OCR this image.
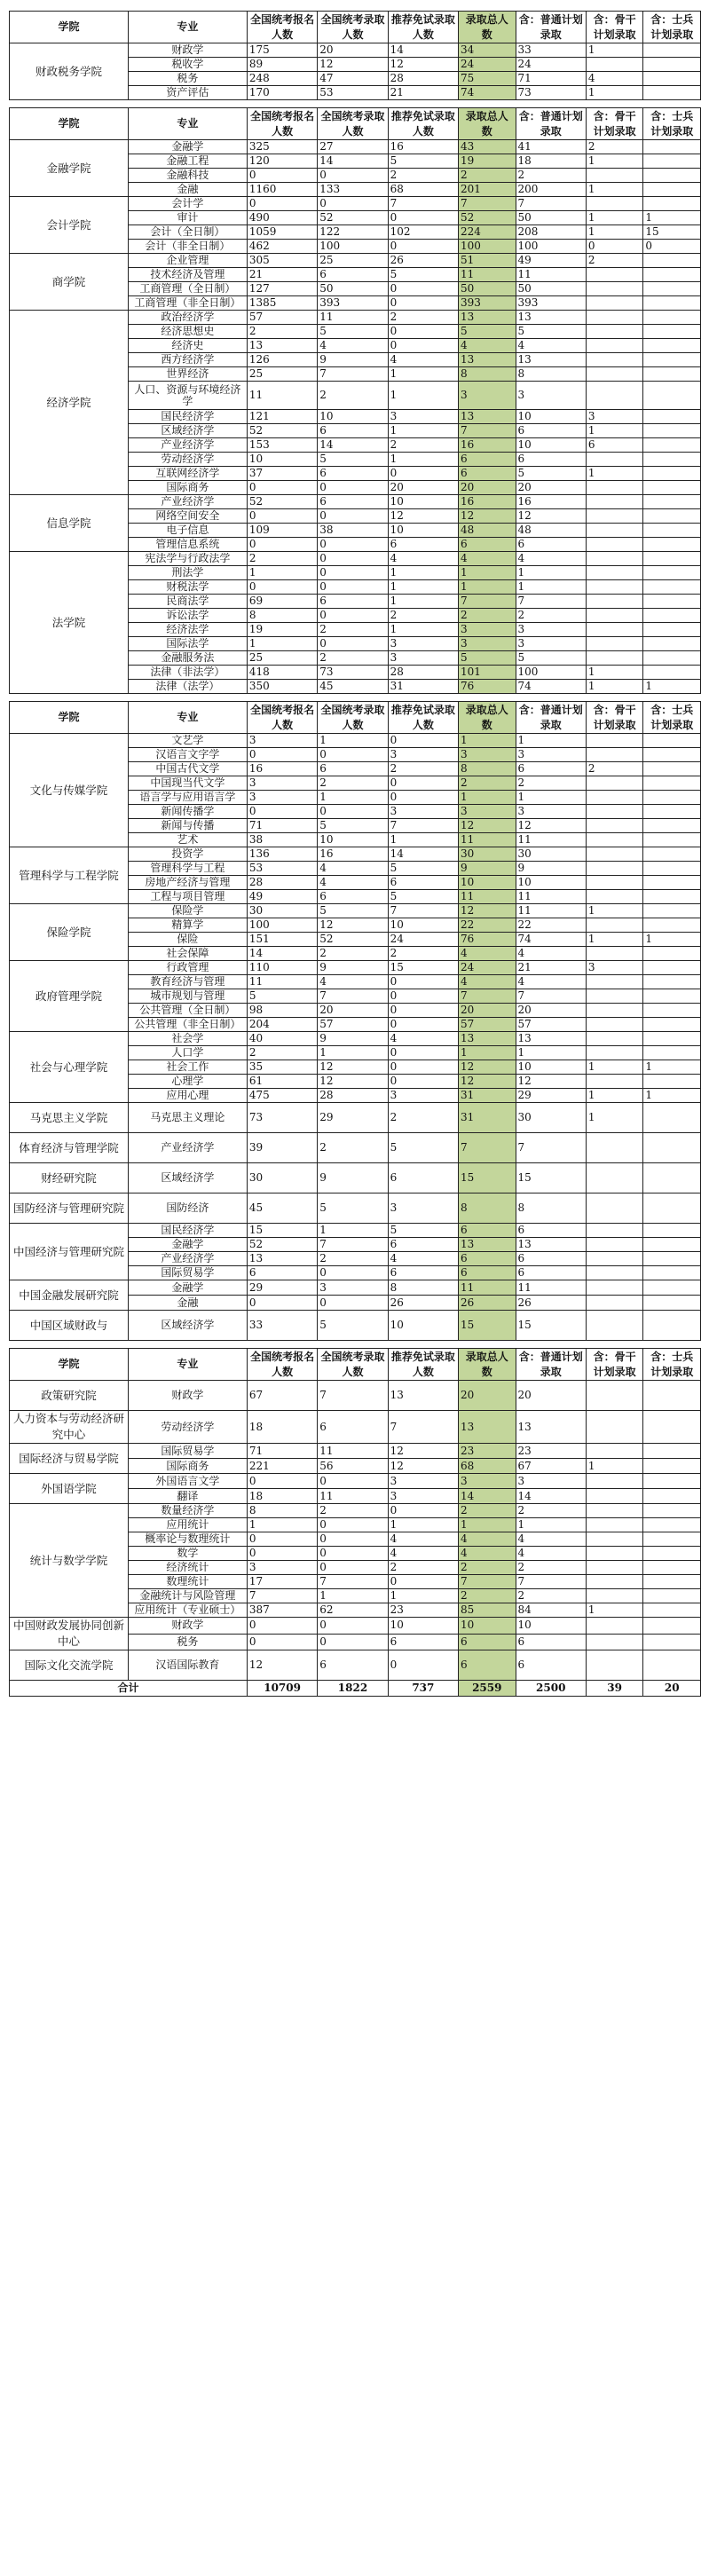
学院	专业	全国统考报名人数	全国统考录取人数	推荐免试录取人数	录取总人数	含：普通计划录取	含：骨干计划录取	含：士兵计划录取
财政税务学院	财政学	175	20	14	34	33	1	
	税收学	89	12	12	24	24		
	税务	248	47	28	75	71	4	
	资产评估	170	53	21	74	73	1	
学院	专业	全国统考报名人数	全国统考录取人数	推荐免试录取人数	录取总人数	含：普通计划录取	含：骨干计划录取	含：士兵计划录取
金融学院	金融学	325	27	16	43	41	2	
	金融工程	120	14	5	19	18	1	
	金融科技	0	0	2	2	2		
	金融	1160	133	68	201	200	1	
会计学院	会计学	0	0	7	7	7		
	审计	490	52	0	52	50	1	1
	会计（全日制）	1059	122	102	224	208	1	15
	会计（非全日制）	462	100	0	100	100	0	0
商学院	企业管理	305	25	26	51	49	2	
	技术经济及管理	21	6	5	11	11		
	工商管理（全日制）	127	50	0	50	50		
	工商管理（非全日制）	1385	393	0	393	393		
经济学院	政治经济学	57	11	2	13	13		
	经济思想史	2	5	0	5	5		
	经济史	13	4	0	4	4		
	西方经济学	126	9	4	13	13		
	世界经济	25	7	1	8	8		
	人口、资源与环境经济学	11	2	1	3	3		
	国民经济学	121	10	3	13	10	3	
	区域经济学	52	6	1	7	6	1	
	产业经济学	153	14	2	16	10	6	
	劳动经济学	10	5	1	6	6		
	互联网经济学	37	6	0	6	5	1	
	国际商务	0	0	20	20	20		
信息学院	产业经济学	52	6	10	16	16		
	网络空间安全	0	0	12	12	12		
	电子信息	109	38	10	48	48		
	管理信息系统	0	0	6	6	6		
法学院	宪法学与行政法学	2	0	4	4	4		
	刑法学	1	0	1	1	1		
	财税法学	0	0	1	1	1		
	民商法学	69	6	1	7	7		
	诉讼法学	8	0	2	2	2		
	经济法学	19	2	1	3	3		
	国际法学	1	0	3	3	3		
	金融服务法	25	2	3	5	5		
	法律（非法学）	418	73	28	101	100	1	
	法律（法学）	350	45	31	76	74	1	1
学院	专业	全国统考报名人数	全国统考录取人数	推荐免试录取人数	录取总人数	含：普通计划录取	含：骨干计划录取	含：士兵计划录取
文化与传媒学院	文艺学	3	1	0	1	1		
	汉语言文字学	0	0	3	3	3		
	中国古代文学	16	6	2	8	6	2	
	中国现当代文学	3	2	0	2	2		
	语言学与应用语言学	3	1	0	1	1		
	新闻传播学	0	0	3	3	3		
	新闻与传播	71	5	7	12	12		
	艺术	38	10	1	11	11		
管理科学与工程学院	投资学	136	16	14	30	30		
	管理科学与工程	53	4	5	9	9		
	房地产经济与管理	28	4	6	10	10		
	工程与项目管理	49	6	5	11	11		
保险学院	保险学	30	5	7	12	11	1	
	精算学	100	12	10	22	22		
	保险	151	52	24	76	74	1	1
	社会保障	14	2	2	4	4		
政府管理学院	行政管理	110	9	15	24	21	3	
	教育经济与管理	11	4	0	4	4		
	城市规划与管理	5	7	0	7	7		
	公共管理（全日制）	98	20	0	20	20		
	公共管理（非全日制）	204	57	0	57	57		
社会与心理学院	社会学	40	9	4	13	13		
	人口学	2	1	0	1	1		
	社会工作	35	12	0	12	10	1	1
	心理学	61	12	0	12	12		
	应用心理	475	28	3	31	29	1	1
马克思主义学院	马克思主义理论	73	29	2	31	30	1	
体育经济与管理学院	产业经济学	39	2	5	7	7		
财经研究院	区域经济学	30	9	6	15	15		
国防经济与管理研究院	国防经济	45	5	3	8	8		
中国经济与管理研究院	国民经济学	15	1	5	6	6		
	金融学	52	7	6	13	13		
	产业经济学	13	2	4	6	6		
	国际贸易学	6	0	6	6	6		
中国金融发展研究院	金融学	29	3	8	11	11		
	金融	0	0	26	26	26		
中国区域财政与	区域经济学	33	5	10	15	15		
学院	专业	全国统考报名人数	全国统考录取人数	推荐免试录取人数	录取总人数	含：普通计划录取	含：骨干计划录取	含：士兵计划录取
政策研究院	财政学	67	7	13	20	20		
人力资本与劳动经济研究中心	劳动经济学	18	6	7	13	13		
国际经济与贸易学院	国际贸易学	71	11	12	23	23		
	国际商务	221	56	12	68	67	1	
外国语学院	外国语言文学	0	0	3	3	3		
	翻译	18	11	3	14	14		
统计与数学学院	数量经济学	8	2	0	2	2		
	应用统计	1	0	1	1	1		
	概率论与数理统计	0	0	4	4	4		
	数学	0	0	4	4	4		
	经济统计	3	0	2	2	2		
	数理统计	17	7	0	7	7		
	金融统计与风险管理	7	1	1	2	2		
	应用统计（专业硕士）	387	62	23	85	84	1	
中国财政发展协同创新中心	财政学	0	0	10	10	10		
	税务	0	0	6	6	6		
国际文化交流学院	汉语国际教育	12	6	0	6	6		
合计		10709	1822	737	2559	2500	39	20
